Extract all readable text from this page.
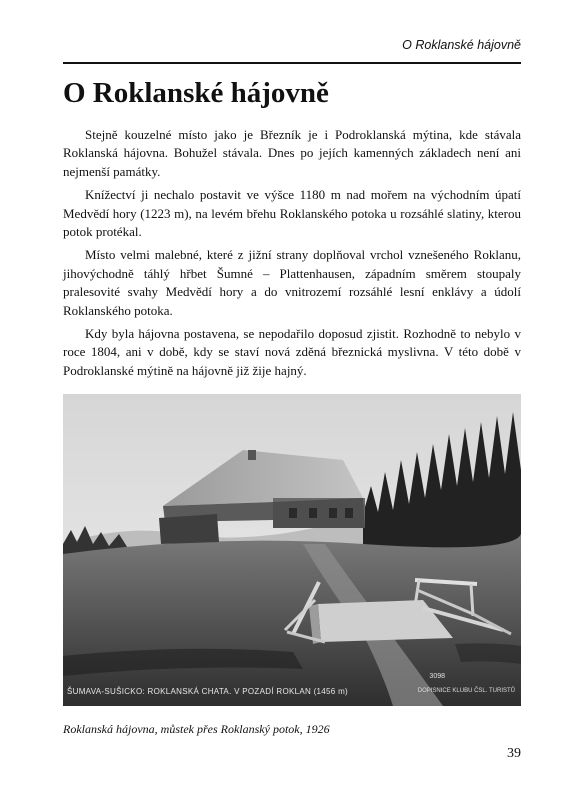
O Roklanské hájovně
O Roklanské hájovně

Stejně kouzelné místo jako je Březník je i Podroklanská mýtina, kde stávala Roklanská hájovna. Bohužel stávala. Dnes po jejích kamenných základech není ani nejmenší památky.

Knížectví ji nechalo postavit ve výšce 1180 m nad mořem na východním úpatí Medvědí hory (1223 m), na levém břehu Roklanského potoka u rozsáhlé slatiny, kterou potok protékal.

Místo velmi malebné, které z jižní strany doplňoval vrchol vznešeného Roklanu, jihovýchodně táhlý hřbet Šumné – Plattenhausen, západním směrem stoupaly pralesovité svahy Medvědí hory a do vnitrozemí rozsáhlé lesní enklávy a údolí Roklanského potoka.

Kdy byla hájovna postavena, se nepodařilo doposud zjistit. Rozhodně to nebylo v roce 1804, ani v době, kdy se staví nová zděná březnická myslivna. V této době v Podroklanské mýtině na hájovně již žije hajný.

3098
ŠUMAVA-SUŠICKO: ROKLANSKÁ CHATA. V POZADÍ ROKLAN (1456 m)	DOPISNICE KLUBU ČSL. TURISTŮ
Roklanská hájovna, můstek přes Roklanský potok, 1926
39
